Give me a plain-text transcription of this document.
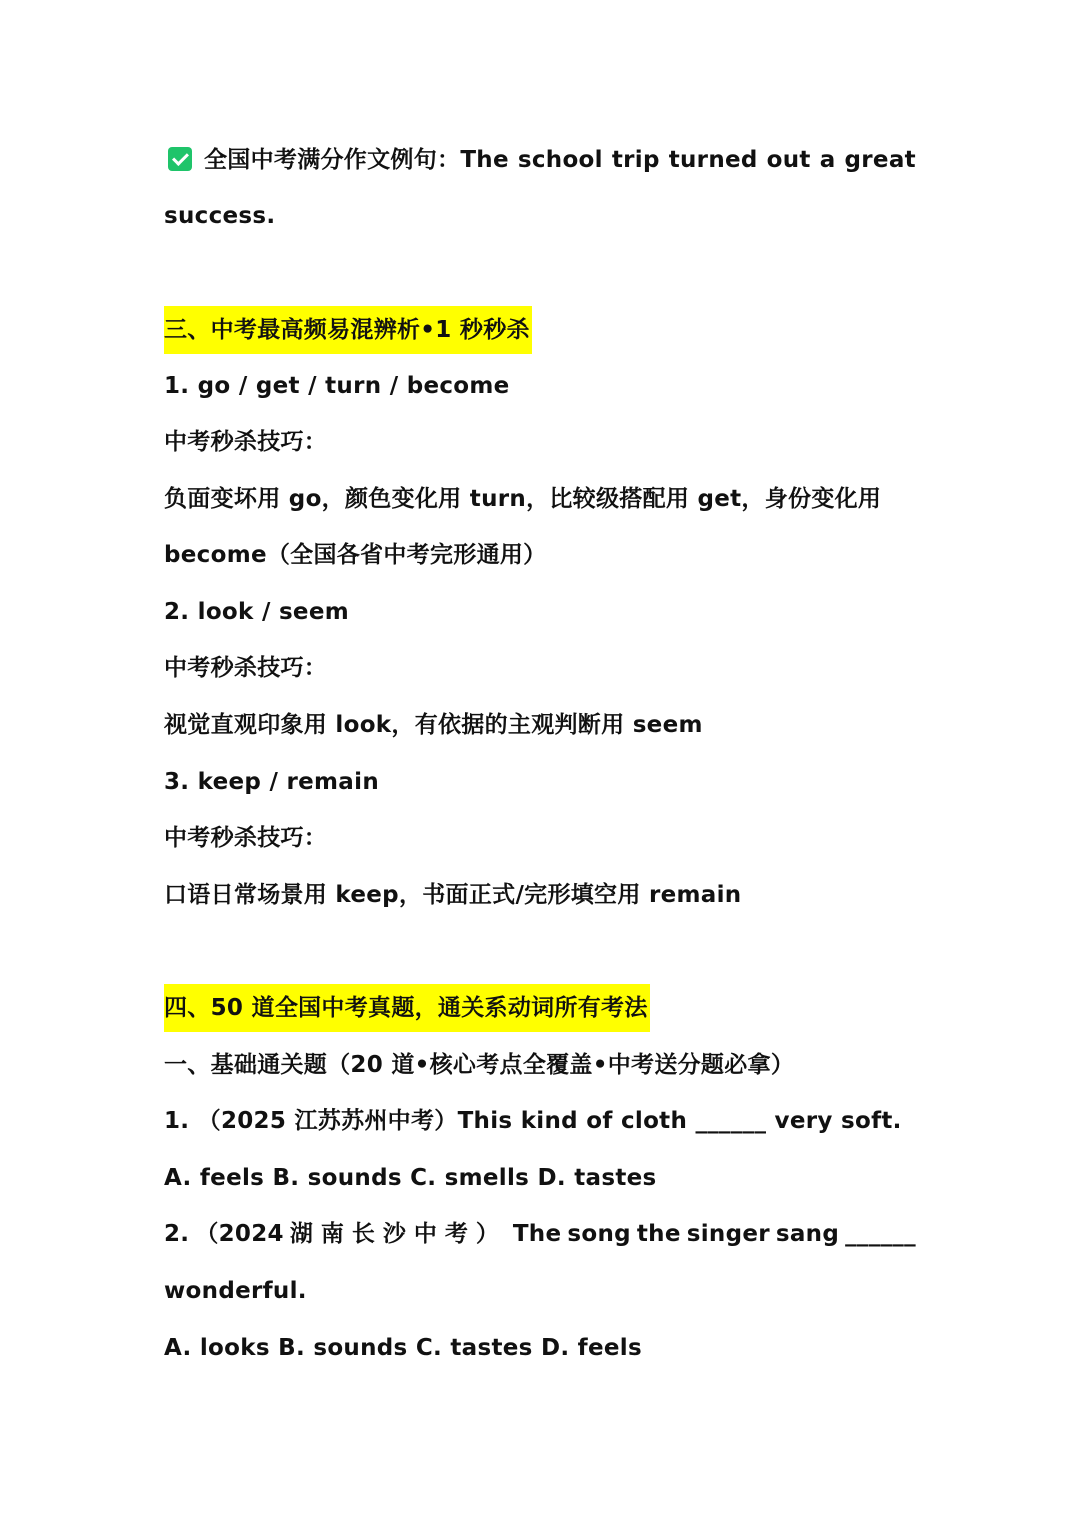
全国中考满分作文例句：The school trip turned out a great
success.
三、中考最高频易混辨析•1 秒秒杀
1. go / get / turn / become
中考秒杀技巧：
负面变坏用 go，颜色变化用 turn，比较级搭配用 get，身份变化用
become（全国各省中考完形通用）
2. look / seem
中考秒杀技巧：
视觉直观印象用 look，有依据的主观判断用 seem
3. keep / remain
中考秒杀技巧：
口语日常场景用 keep，书面正式/完形填空用 remain
四、50 道全国中考真题，通关系动词所有考法
一、基础通关题（20 道•核心考点全覆盖•中考送分题必拿）
1. （2025 江苏苏州中考）This kind of cloth ______ very soft.
A. feels B. sounds C. smells D. tastes
2. （2024 湖南长沙中考） The song the singer sang ______
wonderful.
A. looks B. sounds C. tastes D. feels
